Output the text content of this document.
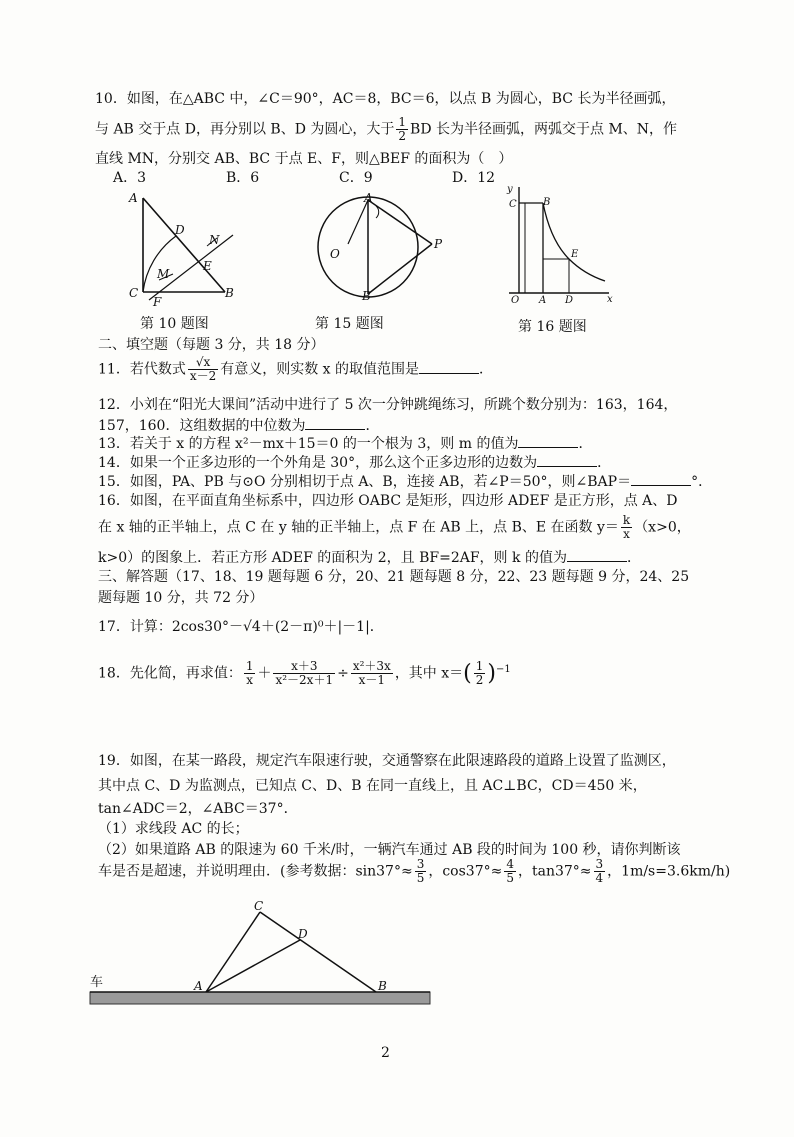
10．如图，在△ABC 中，∠C＝90°，AC＝8，BC＝6，以点 B 为圆心，BC 长为半径画弧，
与 AB 交于点 D，再分别以 B、D 为圆心，大于 $\frac{1}{2}$ BD 长为半径画弧，两弧交于点 M、N，作
直线 MN，分别交 AB、BC 于点 E、F，则△BEF 的面积为（　）
A．3	B．6	C．9	D．12
A
D
N
E
M
C
F
B
第 10 题图
A
O
P
B
第 15 题图
y
C	B
E
O A D	x
第 16 题图
二、填空题（每题 3 分，共 18 分）
11．若代数式 $\frac{√x}{x-2}$ 有意义，则实数 x 的取值范围是	．
12．小刘在“阳光大课间”活动中进行了 5 次一分钟跳绳练习，所跳个数分别为：163，164，
157，160．这组数据的中位数为	．
13．若关于 x 的方程 x²－mx＋15＝0 的一个根为 3，则 m 的值为	．
14．如果一个正多边形的一个外角是 30°，那么这个正多边形的边数为	．
15．如图，PA、PB 与⊙O 分别相切于点 A、B，连接 AB，若∠P＝50°，则∠BAP＝	°．
16．如图，在平面直角坐标系中，四边形 OABC 是矩形，四边形 ADEF 是正方形，点 A、D
在 x 轴的正半轴上，点 C 在 y 轴的正半轴上，点 F 在 AB 上，点 B、E 在函数 $y= \frac{k}{x} (x>0$，
k>0）的图象上．若正方形 ADEF 的面积为 2，且 BF=2AF，则 k 的值为	．
三、解答题（17、18、19 题每题 6 分，20、21 题每题 8 分，22、23 题每题 9 分，24、25
题每题 10 分，共 72 分）
17．计算：2cos30°－√4＋(2－π)⁰＋|－1|．
18．先化简，再求值： $\frac{1}{x} + \frac{x+3}{\text{x²－2x＋1}} \div \frac{\text{x²＋3x}}{x-1}$ ，其中 $x=( \frac{1}{2} )^{-1}$
19．如图，在某一路段，规定汽车限速行驶，交通警察在此限速路段的道路上设置了监测区，
其中点 C、D 为监测点，已知点 C、D、B 在同一直线上，且 AC⊥BC，CD＝450 米，
tan∠ADC＝2，∠ABC＝37°．
（1）求线段 AC 的长；
（2）如果道路 AB 的限速为 60 千米/时，一辆汽车通过 AB 段的时间为 100 秒，请你判断该
车是否是超速，并说明理由．(参考数据：$\sin 37^\circ\approx \frac{3}{5}$ ，$\cos 37^\circ\approx \frac{4}{5}$ ，$\tan 37^\circ\approx \frac{3}{4}$ ，1m/s=3.6km/h)
C
D
A	B
车
2
